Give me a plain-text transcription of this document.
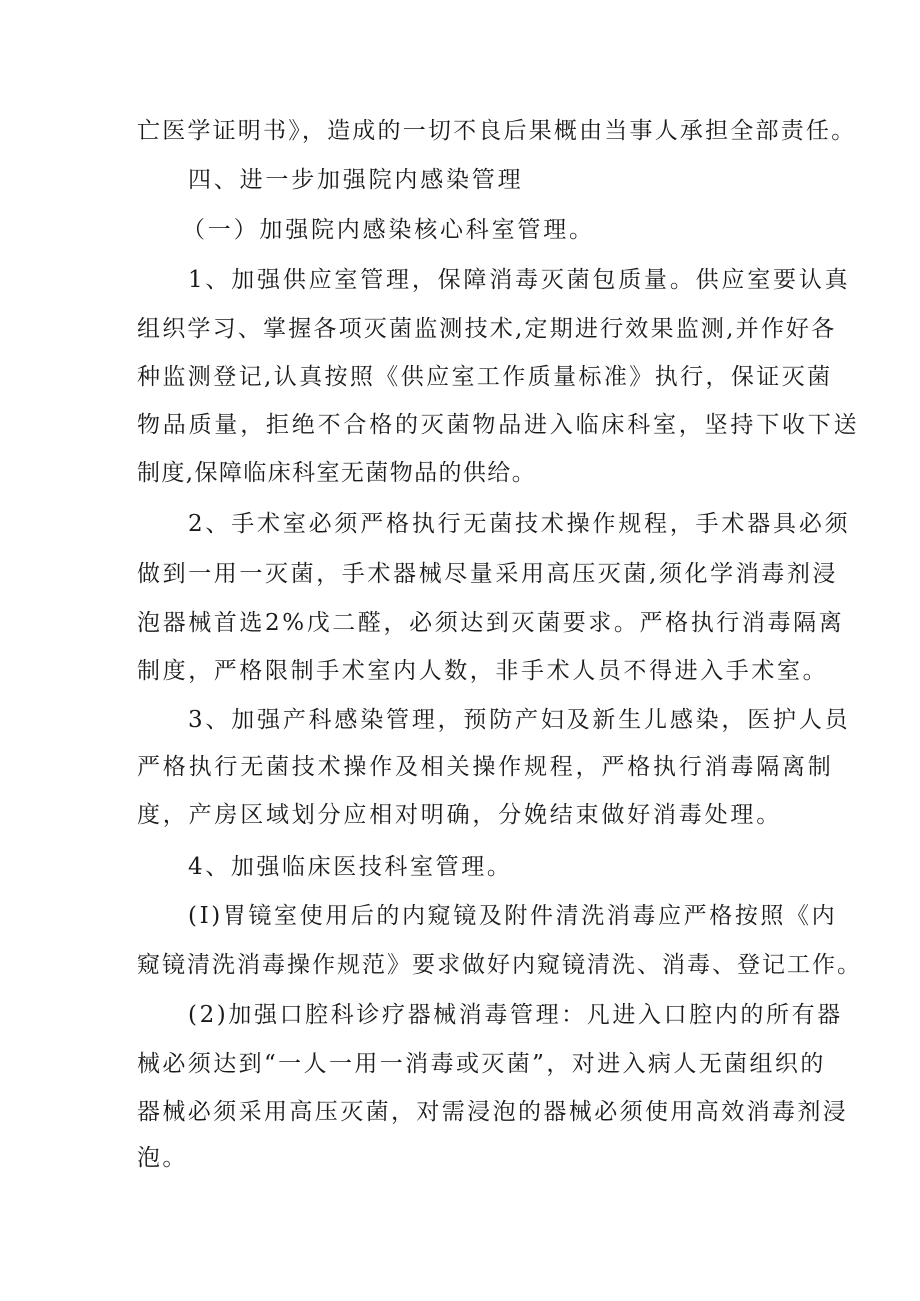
亡医学证明书》，造成的一切不良后果概由当事人承担全部责任。
四、进一步加强院内感染管理
（一）加强院内感染核心科室管理。
1、加强供应室管理，保障消毒灭菌包质量。供应室要认真
组织学习、掌握各项灭菌监测技术,定期进行效果监测,并作好各
种监测登记,认真按照《供应室工作质量标准》执行，保证灭菌
物品质量，拒绝不合格的灭菌物品进入临床科室，坚持下收下送
制度,保障临床科室无菌物品的供给。
2、手术室必须严格执行无菌技术操作规程，手术器具必须
做到一用一灭菌，手术器械尽量采用高压灭菌,须化学消毒剂浸
泡器械首选2%戊二醛，必须达到灭菌要求。严格执行消毒隔离
制度，严格限制手术室内人数，非手术人员不得进入手术室。
3、加强产科感染管理，预防产妇及新生儿感染，医护人员
严格执行无菌技术操作及相关操作规程，严格执行消毒隔离制
度，产房区域划分应相对明确，分娩结束做好消毒处理。
4、加强临床医技科室管理。
(I)胃镜室使用后的内窥镜及附件清洗消毒应严格按照《内
窥镜清洗消毒操作规范》要求做好内窥镜清洗、消毒、登记工作。
(2)加强口腔科诊疗器械消毒管理：凡进入口腔内的所有器
械必须达到“一人一用一消毒或灭菌”，对进入病人无菌组织的
器械必须采用高压灭菌，对需浸泡的器械必须使用高效消毒剂浸
泡。
